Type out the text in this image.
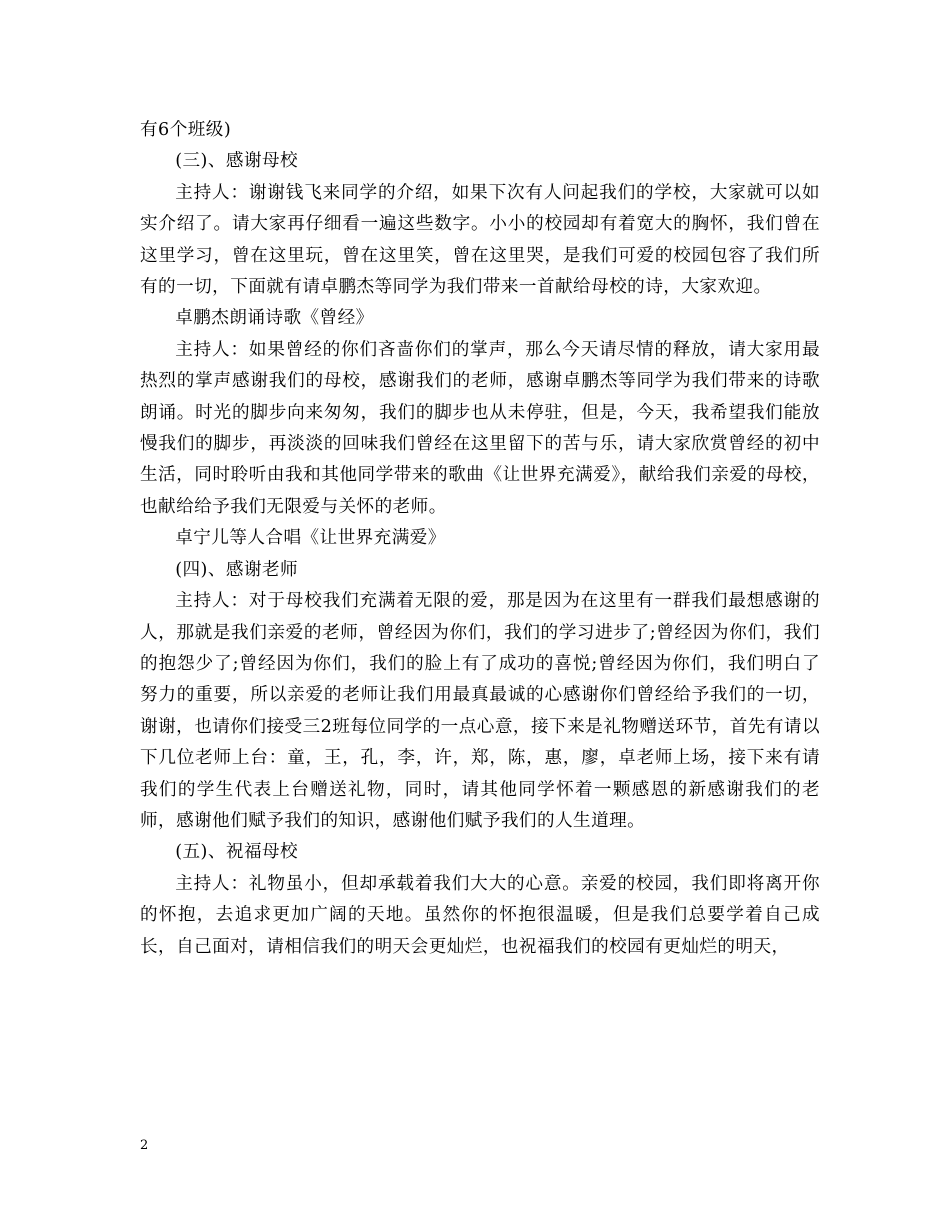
有6个班级)

(三)、感谢母校

主持人：谢谢钱飞来同学的介绍，如果下次有人问起我们的学校，大家就可以如实介绍了。请大家再仔细看一遍这些数字。小小的校园却有着宽大的胸怀，我们曾在这里学习，曾在这里玩，曾在这里笑，曾在这里哭，是我们可爱的校园包容了我们所有的一切，下面就有请卓鹏杰等同学为我们带来一首献给母校的诗，大家欢迎。

卓鹏杰朗诵诗歌《曾经》

主持人：如果曾经的你们吝啬你们的掌声，那么今天请尽情的释放，请大家用最热烈的掌声感谢我们的母校，感谢我们的老师，感谢卓鹏杰等同学为我们带来的诗歌朗诵。时光的脚步向来匆匆，我们的脚步也从未停驻，但是，今天，我希望我们能放慢我们的脚步，再淡淡的回味我们曾经在这里留下的苦与乐，请大家欣赏曾经的初中生活，同时聆听由我和其他同学带来的歌曲《让世界充满爱》，献给我们亲爱的母校，也献给给予我们无限爱与关怀的老师。

卓宁儿等人合唱《让世界充满爱》

(四)、感谢老师

主持人：对于母校我们充满着无限的爱，那是因为在这里有一群我们最想感谢的人，那就是我们亲爱的老师，曾经因为你们，我们的学习进步了;曾经因为你们，我们的抱怨少了;曾经因为你们，我们的脸上有了成功的喜悦;曾经因为你们，我们明白了努力的重要，所以亲爱的老师让我们用最真最诚的心感谢你们曾经给予我们的一切，谢谢，也请你们接受三2班每位同学的一点心意，接下来是礼物赠送环节，首先有请以下几位老师上台：童，王，孔，李，许，郑，陈，惠，廖，卓老师上场，接下来有请我们的学生代表上台赠送礼物，同时，请其他同学怀着一颗感恩的新感谢我们的老师，感谢他们赋予我们的知识，感谢他们赋予我们的人生道理。

(五)、祝福母校

主持人：礼物虽小，但却承载着我们大大的心意。亲爱的校园，我们即将离开你的怀抱，去追求更加广阔的天地。虽然你的怀抱很温暖，但是我们总要学着自己成长，自己面对，请相信我们的明天会更灿烂，也祝福我们的校园有更灿烂的明天，

2
